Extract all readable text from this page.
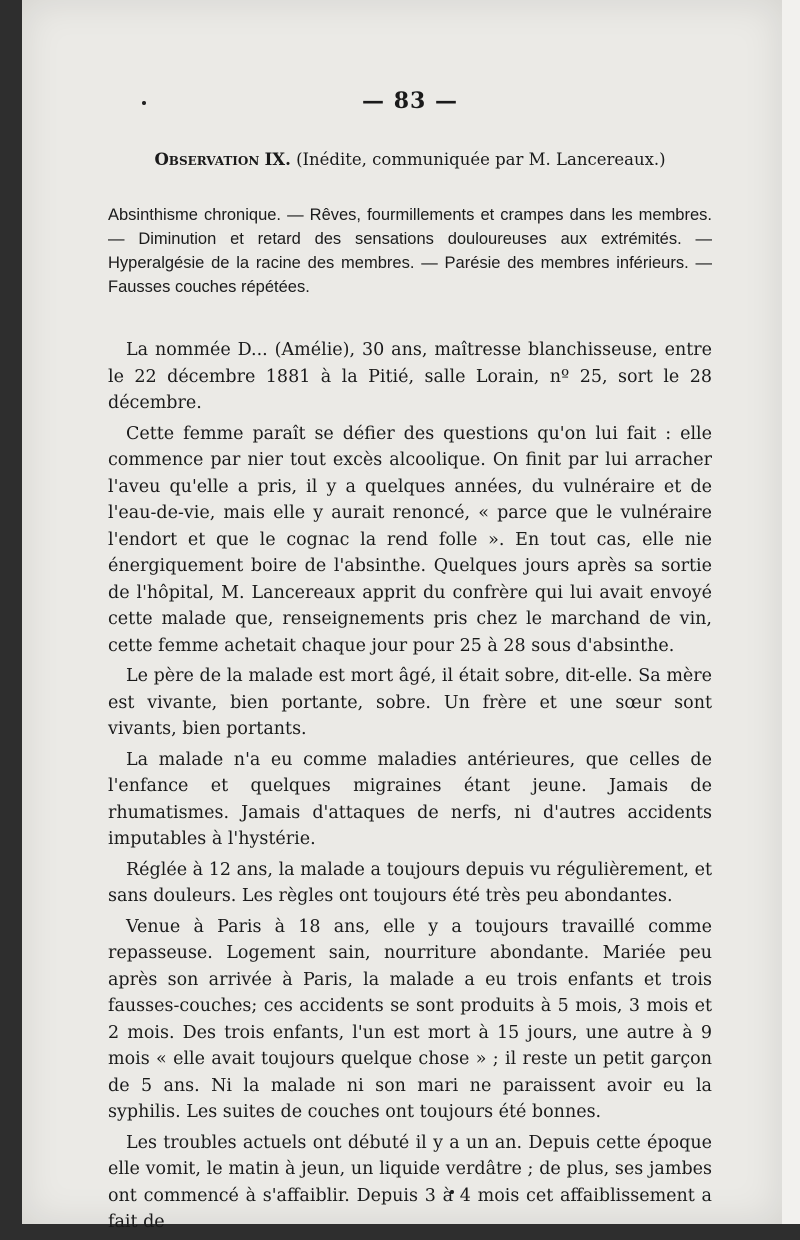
— 83 —
Observation IX. (Inédite, communiquée par M. Lancereaux.)
Absinthisme chronique. — Rêves, fourmillements et crampes dans les membres. — Diminution et retard des sensations douloureuses aux extrémités. — Hyperalgésie de la racine des membres. — Parésie des membres inférieurs. — Fausses couches répétées.

La nommée D... (Amélie), 30 ans, maîtresse blanchisseuse, entre le 22 décembre 1881 à la Pitié, salle Lorain, nº 25, sort le 28 décembre.

Cette femme paraît se défier des questions qu'on lui fait : elle commence par nier tout excès alcoolique. On finit par lui arracher l'aveu qu'elle a pris, il y a quelques années, du vulnéraire et de l'eau-de-vie, mais elle y aurait renoncé, « parce que le vulnéraire l'endort et que le cognac la rend folle ». En tout cas, elle nie énergiquement boire de l'absinthe. Quelques jours après sa sortie de l'hôpital, M. Lancereaux apprit du confrère qui lui avait envoyé cette malade que, renseignements pris chez le marchand de vin, cette femme achetait chaque jour pour 25 à 28 sous d'absinthe.

Le père de la malade est mort âgé, il était sobre, dit-elle. Sa mère est vivante, bien portante, sobre. Un frère et une sœur sont vivants, bien portants.

La malade n'a eu comme maladies antérieures, que celles de l'enfance et quelques migraines étant jeune. Jamais de rhumatismes. Jamais d'attaques de nerfs, ni d'autres accidents imputables à l'hystérie.

Réglée à 12 ans, la malade a toujours depuis vu régulièrement, et sans douleurs. Les règles ont toujours été très peu abondantes.

Venue à Paris à 18 ans, elle y a toujours travaillé comme repasseuse. Logement sain, nourriture abondante. Mariée peu après son arrivée à Paris, la malade a eu trois enfants et trois fausses-couches; ces accidents se sont produits à 5 mois, 3 mois et 2 mois. Des trois enfants, l'un est mort à 15 jours, une autre à 9 mois « elle avait toujours quelque chose » ; il reste un petit garçon de 5 ans. Ni la malade ni son mari ne paraissent avoir eu la syphilis. Les suites de couches ont toujours été bonnes.

Les troubles actuels ont débuté il y a un an. Depuis cette époque elle vomit, le matin à jeun, un liquide verdâtre ; de plus, ses jambes ont commencé à s'affaiblir. Depuis 3 à 4 mois cet affaiblissement a fait de
